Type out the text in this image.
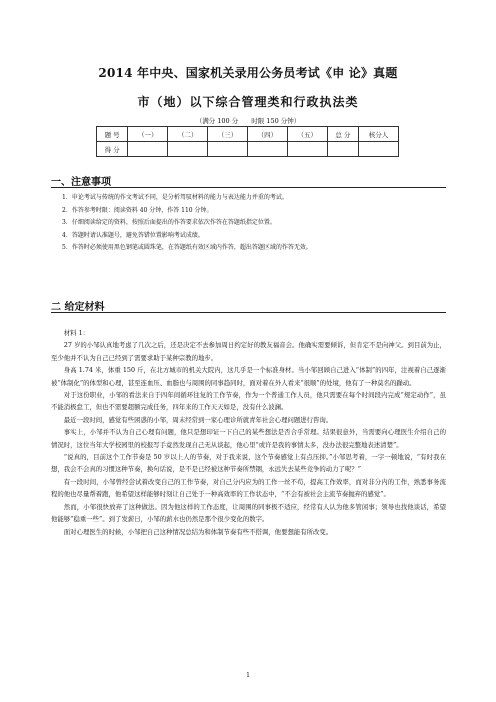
2014 年中央、国家机关录用公务员考试《申 论》真题
市（地）以下综合管理类和行政执法类
（满分 100 分　　时限 150 分钟）
题 号	（一）	（二）	（三）	（四）	（五）	总 分	核分人
得 分							
一、注意事项
1．申论考试与传统的作文考试不同，是分析驾驭材料的能力与表达能力并重的考试。
2．作答参考时限：阅读资料 40 分钟，作答 110 分钟。
3．仔细阅读给定的资料，按照后面提出的作答要求依次作答在答题纸指定位置。
4．答题时请认准题号，避免答错位置影响考试成绩。
5．作答时必须使用黑色钢笔或圆珠笔，在答题纸有效区域内作答，超出答题区域的作答无效。
二 给定材料
材料 1：

27 岁的小邹认真地考虑了几次之后，还是决定不去参加周日约定好的教友福音会。他确实需要倾诉，但肯定不是向神父。到目前为止，至少他并不认为自己已经到了需要求助于某种宗教的地步。

身高 1.74 米，体重 150 斤，在北方城市的机关大院内，这几乎是一个标准身材。当小邹回顾自己进入“体制”的四年，注视着自己逐渐被“体制化”的体型和心理，甚至连血压、血脂也与周围的同事趋同时，面对着在外人看来“很顺”的处境，他有了一种莫名的躁动。

对于这份职业，小邹的看法来自于四年间循环往复的工作节奏，作为一个普通工作人员，他只需要在每个时间段内完成“规定动作”，虽不能消极怠工，但也不需要超额完成任务，四年来的工作天天如是，没有什么波澜。

最近一段时间，感觉有些困惑的小邹，周末经常到一家心理诊所就青年社会心理问题进行咨询。

事实上，小邹并不认为自己心理有问题，他只是想印证一下自己的某些想法是否合乎常理。结果很意外，当需要向心理医生介绍自己的情况时，这位当年大学校园里的校报写手竟然发现自己无从谈起，他心里“或许是我的事情太多，没办法很完整地表述清楚”。

“说真的，目前这个工作节奏是 50 岁以上人的节奏，对于我来说，这个节奏感觉上有点压抑。”小邹思考着，一字一顿地说，“有时我在想，我会不会真的习惯这种节奏，换句话说，是不是已经被这种节奏所禁锢，永远失去某些竞争的动力了呢？”

有一段时间，小邹曾经尝试着改变自己的工作节奏，对自己分内应为的工作一丝不苟，提高工作效率，而对非分内的工作，熟悉事务流程的他也尽量帮着跑，他希望这样能够时刻让自己处于一种高效率的工作状态中，“不会有被社会主流节奏抛弃的感觉”。

然而，小邹很快放弃了这种做法。因为他这样的工作态度，让周围的同事极不适应，经常有人认为他多管闲事；领导也找他谈话，希望他能够“稳重一些”。到了发薪日，小邹的薪水也仍然是那个很少变化的数字。

面对心理医生的时候，小邹把自己这种情况总结为和体制节奏有些不搭调，他要想能有所改变。

1
